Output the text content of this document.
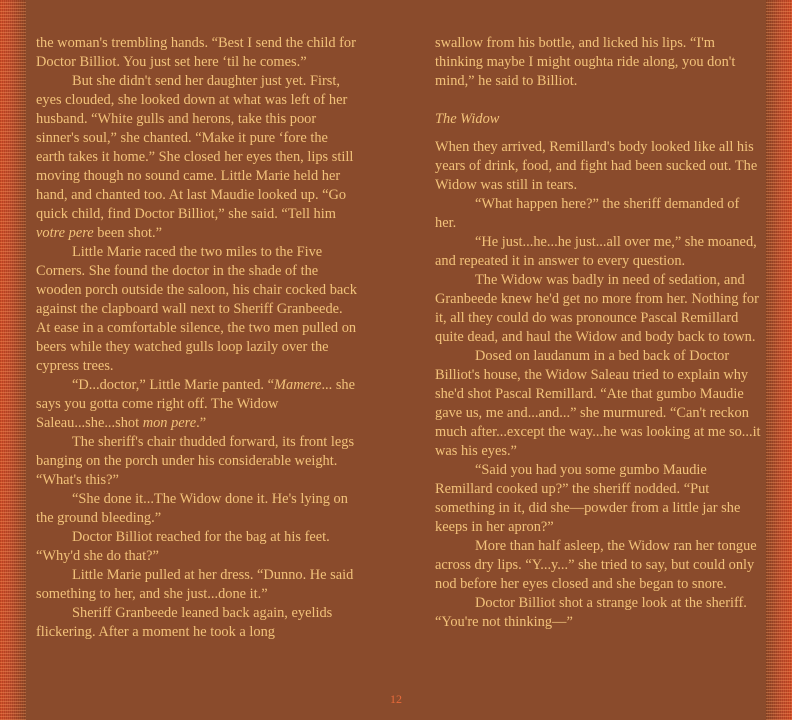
the woman's trembling hands. “Best I send the child for Doctor Billiot. You just set here ‘til he comes.”

But she didn't send her daughter just yet. First, eyes clouded, she looked down at what was left of her husband. “White gulls and herons, take this poor sinner's soul,” she chanted. “Make it pure ‘fore the earth takes it home.” She closed her eyes then, lips still moving though no sound came. Little Marie held her hand, and chanted too. At last Maudie looked up. “Go quick child, find Doctor Billiot,” she said. “Tell him votre pere been shot.”

Little Marie raced the two miles to the Five Corners. She found the doctor in the shade of the wooden porch outside the saloon, his chair cocked back against the clapboard wall next to Sheriff Granbeede. At ease in a comfortable silence, the two men pulled on beers while they watched gulls loop lazily over the cypress trees.

“D...doctor,” Little Marie panted. “Mamere... she says you gotta come right off. The Widow Saleau...she...shot mon pere.”

The sheriff's chair thudded forward, its front legs banging on the porch under his considerable weight. “What's this?”

“She done it...The Widow done it. He's lying on the ground bleeding.”

Doctor Billiot reached for the bag at his feet. “Why'd she do that?”

Little Marie pulled at her dress. “Dunno. He said something to her, and she just...done it.”

Sheriff Granbeede leaned back again, eyelids flickering. After a moment he took a long

swallow from his bottle, and licked his lips. “I'm thinking maybe I might oughta ride along, you don't mind,” he said to Billiot.

The Widow

When they arrived, Remillard's body looked like all his years of drink, food, and fight had been sucked out. The Widow was still in tears.

“What happen here?” the sheriff demanded of her.

“He just...he...he just...all over me,” she moaned, and repeated it in answer to every question.

The Widow was badly in need of sedation, and Granbeede knew he'd get no more from her. Nothing for it, all they could do was pronounce Pascal Remillard quite dead, and haul the Widow and body back to town.

Dosed on laudanum in a bed back of Doctor Billiot's house, the Widow Saleau tried to explain why she'd shot Pascal Remillard. “Ate that gumbo Maudie gave us, me and...and...” she murmured. “Can't reckon much after...except the way...he was looking at me so...it was his eyes.”

“Said you had you some gumbo Maudie Remillard cooked up?” the sheriff nodded. “Put something in it, did she—powder from a little jar she keeps in her apron?”

More than half asleep, the Widow ran her tongue across dry lips. “Y...y...” she tried to say, but could only nod before her eyes closed and she began to snore.

Doctor Billiot shot a strange look at the sheriff. “You're not thinking—”

12
